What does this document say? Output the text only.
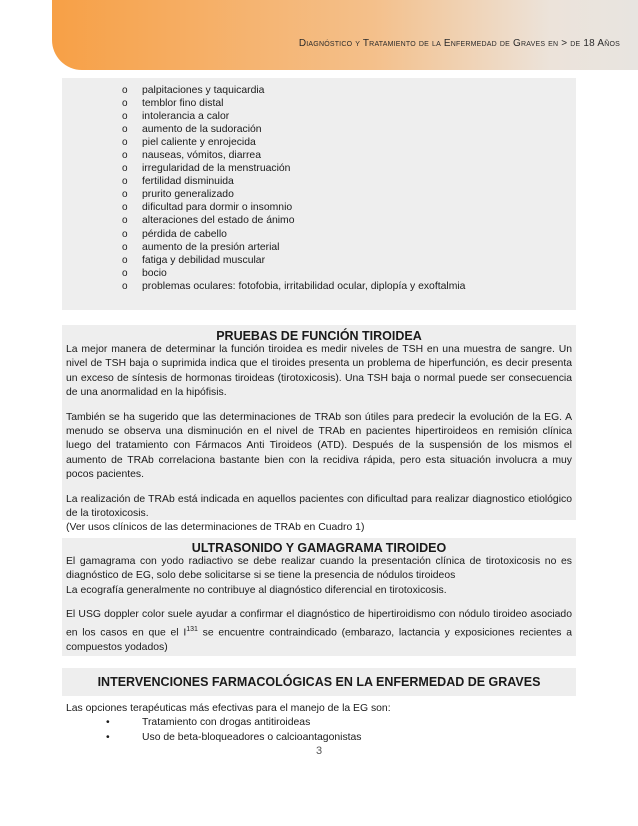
Diagnóstico y Tratamiento de la Enfermedad de Graves en > de 18 Años
o palpitaciones y taquicardia
o temblor fino distal
o intolerancia a calor
o aumento de la sudoración
o piel caliente y enrojecida
o nauseas, vómitos, diarrea
o irregularidad de la menstruación
o fertilidad disminuida
o prurito generalizado
o dificultad para dormir o insomnio
o alteraciones del estado de ánimo
o pérdida de cabello
o aumento de la presión arterial
o fatiga y debilidad muscular
o bocio
o problemas oculares: fotofobia, irritabilidad ocular, diplopía y exoftalmia
PRUEBAS DE FUNCIÓN TIROIDEA

La mejor manera de determinar la función tiroidea es medir niveles de TSH en una muestra de sangre. Un nivel de TSH baja o suprimida indica que el tiroides presenta un problema de hiperfunción, es decir presenta un exceso de síntesis de hormonas tiroideas (tirotoxicosis). Una TSH baja o normal puede ser consecuencia de una anormalidad en la hipófisis.

También se ha sugerido que las determinaciones de TRAb son útiles para predecir la evolución de la EG. A menudo se observa una disminución en el nivel de TRAb en pacientes hipertiroideos en remisión clínica luego del tratamiento con Fármacos Anti Tiroideos (ATD). Después de la suspensión de los mismos el aumento de TRAb correlaciona bastante bien con la recidiva rápida, pero esta situación involucra a muy pocos pacientes.

La realización de TRAb está indicada en aquellos pacientes con dificultad para realizar diagnostico etiológico de la tirotoxicosis.

(Ver usos clínicos de las determinaciones de TRAb en Cuadro 1)

ULTRASONIDO Y GAMAGRAMA TIROIDEO

El gamagrama con yodo radiactivo se debe realizar cuando la presentación clínica de tirotoxicosis no es diagnóstico de EG, solo debe solicitarse si se tiene la presencia de nódulos tiroideos

La ecografía generalmente no contribuye al diagnóstico diferencial en tirotoxicosis.

El USG doppler color suele ayudar a confirmar el diagnóstico de hipertiroidismo con nódulo tiroideo asociado en los casos en que el $I^{131}$ se encuentre contraindicado (embarazo, lactancia y exposiciones recientes a compuestos yodados)

INTERVENCIONES FARMACOLÓGICAS EN LA ENFERMEDAD DE GRAVES

Las opciones terapéuticas más efectivas para el manejo de la EG son:

•	Tratamiento con drogas antitiroideas
•	Uso de beta-bloqueadores o calcioantagonistas
3
